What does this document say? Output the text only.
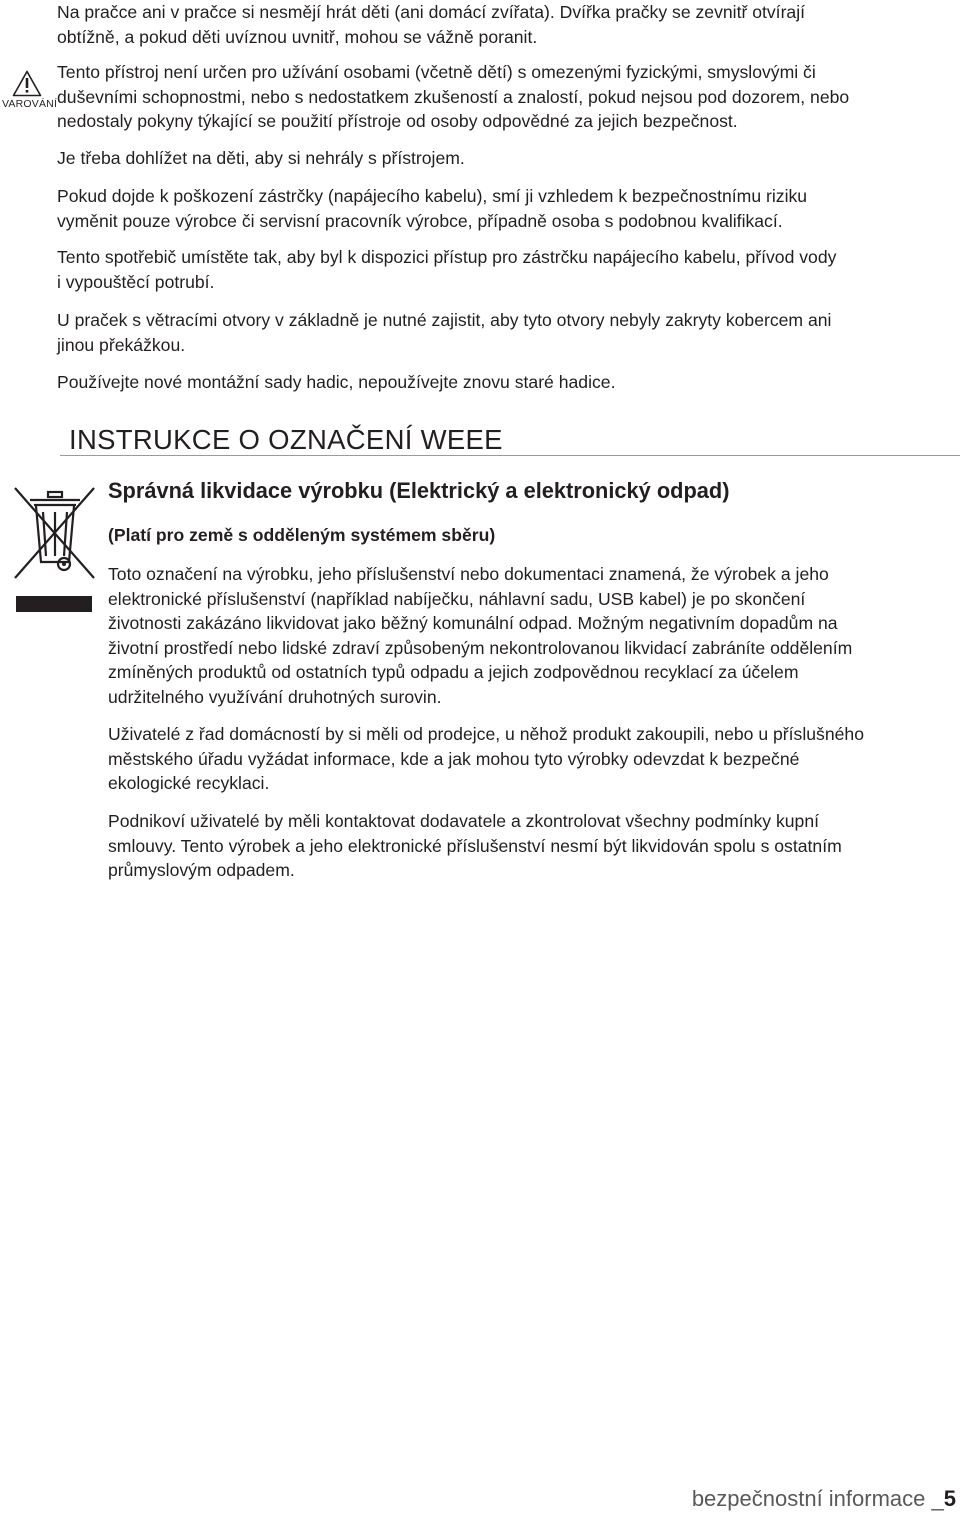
Na pračce ani v pračce si nesmějí hrát děti (ani domácí zvířata). Dvířka pračky se zevnitř otvírají
obtížně, a pokud děti uvíznou uvnitř, mohou se vážně poranit.
VAROVÁNÍ
Tento přístroj není určen pro užívání osobami (včetně dětí) s omezenými fyzickými, smyslovými či
duševními schopnostmi, nebo s nedostatkem zkušeností a znalostí, pokud nejsou pod dozorem, nebo
nedostaly pokyny týkající se použití přístroje od osoby odpovědné za jejich bezpečnost.
Je třeba dohlížet na děti, aby si nehrály s přístrojem.
Pokud dojde k poškození zástrčky (napájecího kabelu), smí ji vzhledem k bezpečnostnímu riziku
vyměnit pouze výrobce či servisní pracovník výrobce, případně osoba s podobnou kvalifikací.
Tento spotřebič umístěte tak, aby byl k dispozici přístup pro zástrčku napájecího kabelu, přívod vody
i vypouštěcí potrubí.
U praček s větracími otvory v základně je nutné zajistit, aby tyto otvory nebyly zakryty kobercem ani
jinou překážkou.
Používejte nové montážní sady hadic, nepoužívejte znovu staré hadice.
INSTRUKCE O OZNAČENÍ WEEE
Správná likvidace výrobku (Elektrický a elektronický odpad)
(Platí pro země s odděleným systémem sběru)
Toto označení na výrobku, jeho příslušenství nebo dokumentaci znamená, že výrobek a jeho
elektronické příslušenství (například nabíječku, náhlavní sadu, USB kabel) je po skončení
životnosti zakázáno likvidovat jako běžný komunální odpad. Možným negativním dopadům na
životní prostředí nebo lidské zdraví způsobeným nekontrolovanou likvidací zabráníte oddělením
zmíněných produktů od ostatních typů odpadu a jejich zodpovědnou recyklací za účelem
udržitelného využívání druhotných surovin.
Uživatelé z řad domácností by si měli od prodejce, u něhož produkt zakoupili, nebo u příslušného
městského úřadu vyžádat informace, kde a jak mohou tyto výrobky odevzdat k bezpečné
ekologické recyklaci.
Podnikoví uživatelé by měli kontaktovat dodavatele a zkontrolovat všechny podmínky kupní
smlouvy. Tento výrobek a jeho elektronické příslušenství nesmí být likvidován spolu s ostatním
průmyslovým odpadem.
bezpečnostní informace _5
